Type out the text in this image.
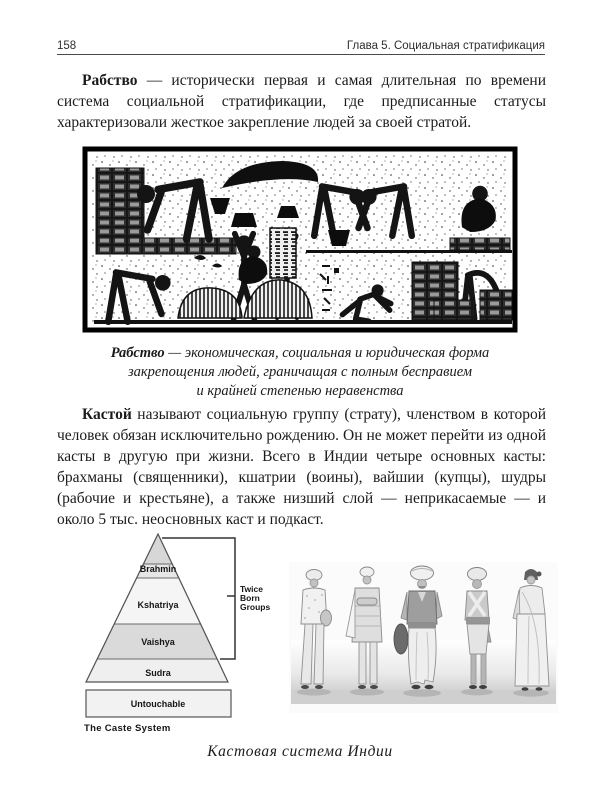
158	Глава 5. Социальная стратификация

Рабство — исторически первая и самая длительная по времени система социальной стратификации, где предписанные статусы характеризовали жесткое закрепление людей за своей стратой.

Рабство — экономическая, социальная и юридическая форма
закрепощения людей, граничащая с полным бесправием
и крайней степенью неравенства

Кастой называют социальную группу (страту), членством в которой человек обязан исключительно рождению. Он не может перейти из одной касты в другую при жизни. Всего в Индии четыре основных касты: брахманы (священники), кшатрии (воины), вайшии (купцы), шудры (рабочие и крестьяне), а также низший слой — неприкасаемые — и около 5 тыс. неосновных каст и подкаст.

Brahmin
Kshatriya
Vaishya
Sudra
Untouchable
Twice Born Groups
The Caste System
Кастовая система Индии
